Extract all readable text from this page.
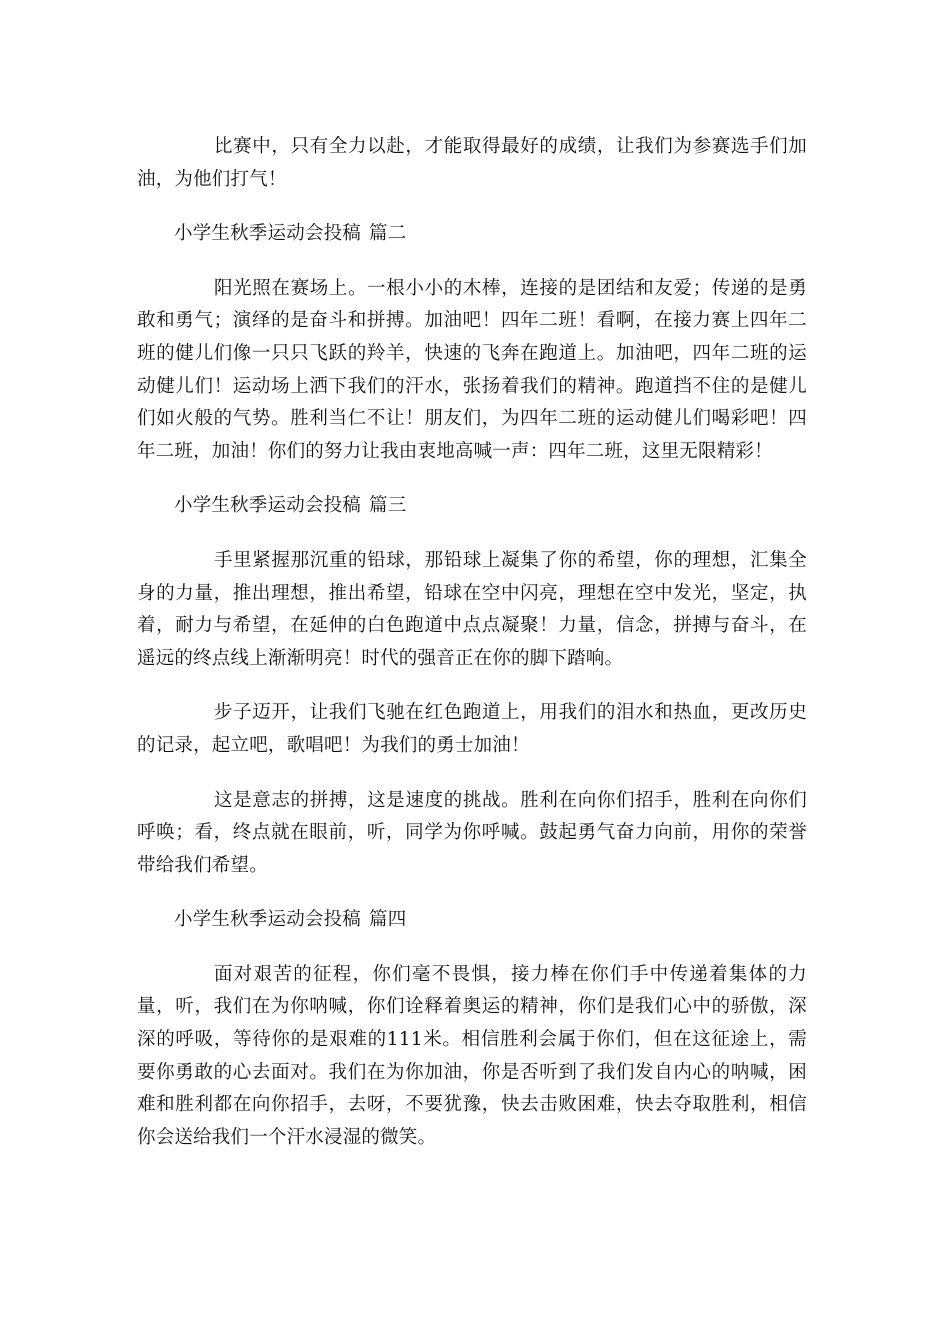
比赛中，只有全力以赴，才能取得最好的成绩，让我们为参赛选手们加油，为他们打气！

小学生秋季运动会投稿 篇二

阳光照在赛场上。一根小小的木棒，连接的是团结和友爱；传递的是勇敢和勇气；演绎的是奋斗和拼搏。加油吧！四年二班！看啊，在接力赛上四年二班的健儿们像一只只飞跃的羚羊，快速的飞奔在跑道上。加油吧，四年二班的运动健儿们！运动场上洒下我们的汗水，张扬着我们的精神。跑道挡不住的是健儿们如火般的气势。胜利当仁不让！朋友们，为四年二班的运动健儿们喝彩吧！四年二班，加油！你们的努力让我由衷地高喊一声：四年二班，这里无限精彩！

小学生秋季运动会投稿 篇三

手里紧握那沉重的铅球，那铅球上凝集了你的希望，你的理想，汇集全身的力量，推出理想，推出希望，铅球在空中闪亮，理想在空中发光，坚定，执着，耐力与希望，在延伸的白色跑道中点点凝聚！力量，信念，拼搏与奋斗，在遥远的终点线上渐渐明亮！时代的强音正在你的脚下踏响。

步子迈开，让我们飞驰在红色跑道上，用我们的泪水和热血，更改历史的记录，起立吧，歌唱吧！为我们的勇士加油！

这是意志的拼搏，这是速度的挑战。胜利在向你们招手，胜利在向你们呼唤；看，终点就在眼前，听，同学为你呼喊。鼓起勇气奋力向前，用你的荣誉带给我们希望。

小学生秋季运动会投稿 篇四

面对艰苦的征程，你们毫不畏惧，接力棒在你们手中传递着集体的力量，听，我们在为你呐喊，你们诠释着奥运的精神，你们是我们心中的骄傲，深深的呼吸，等待你的是艰难的111米。相信胜利会属于你们，但在这征途上，需要你勇敢的心去面对。我们在为你加油，你是否听到了我们发自内心的呐喊，困难和胜利都在向你招手，去呀，不要犹豫，快去击败困难，快去夺取胜利，相信你会送给我们一个汗水浸湿的微笑。
